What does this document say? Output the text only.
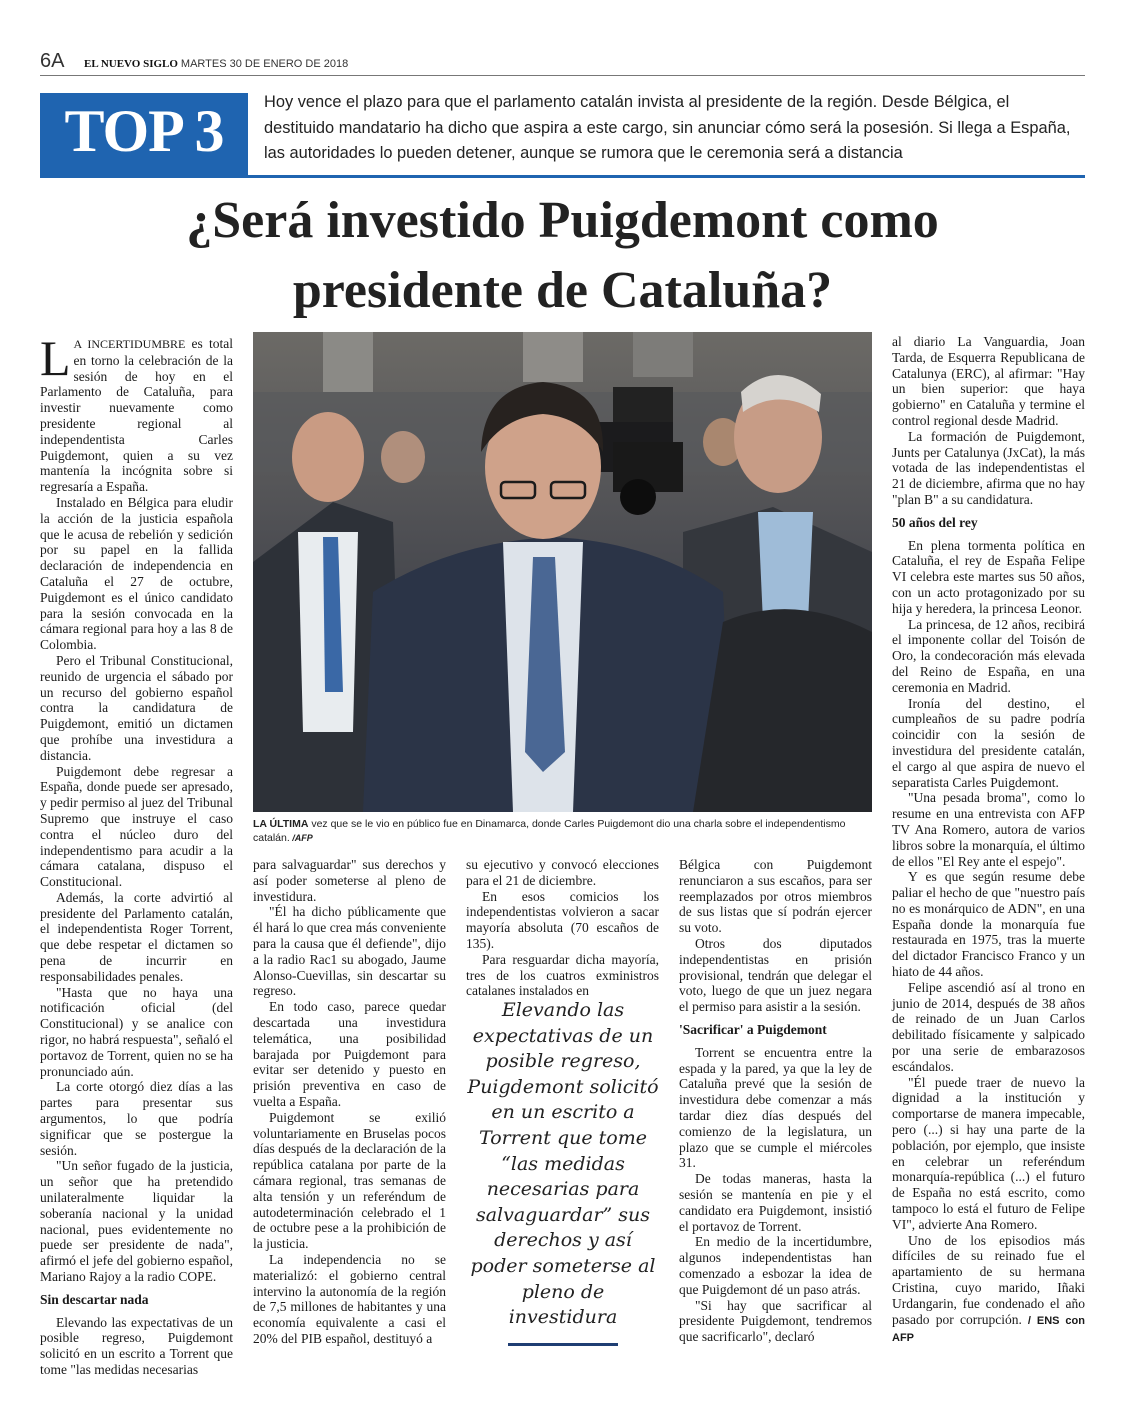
6A EL NUEVO SIGLO MARTES 30 DE ENERO DE 2018
TOP 3	Hoy vence el plazo para que el parlamento catalán invista al presidente de la región. Desde Bélgica, el destituido mandatario ha dicho que aspira a este cargo, sin anunciar cómo será la posesión. Si llega a España, las autoridades lo pueden detener, aunque se rumora que le ceremonia será a distancia
¿Será investido Puigdemont como
presidente de Cataluña?

LA INCERTIDUMBRE es total en torno la celebración de la sesión de hoy en el Parlamento de Cataluña, para investir nuevamente como presidente regional al independentista Carles Puigdemont, quien a su vez mantenía la incógnita sobre si regresaría a España.

Instalado en Bélgica para eludir la acción de la justicia española que le acusa de rebelión y sedición por su papel en la fallida declaración de independencia en Cataluña el 27 de octubre, Puigdemont es el único candidato para la sesión convocada en la cámara regional para hoy a las 8 de Colombia.

Pero el Tribunal Constitucional, reunido de urgencia el sábado por un recurso del gobierno español contra la candidatura de Puigdemont, emitió un dictamen que prohíbe una investidura a distancia.

Puigdemont debe regresar a España, donde puede ser apresado, y pedir permiso al juez del Tribunal Supremo que instruye el caso contra el núcleo duro del independentismo para acudir a la cámara catalana, dispuso el Constitucional.

Además, la corte advirtió al presidente del Parlamento catalán, el independentista Roger Torrent, que debe respetar el dictamen so pena de incurrir en responsabilidades penales.

"Hasta que no haya una notificación oficial (del Constitucional) y se analice con rigor, no habrá respuesta", señaló el portavoz de Torrent, quien no se ha pronunciado aún.

La corte otorgó diez días a las partes para presentar sus argumentos, lo que podría significar que se postergue la sesión.

"Un señor fugado de la justicia, un señor que ha pretendido unilateralmente liquidar la soberanía nacional y la unidad nacional, pues evidentemente no puede ser presidente de nada", afirmó el jefe del gobierno español, Mariano Rajoy a la radio COPE.

Sin descartar nada

Elevando las expectativas de un posible regreso, Puigdemont solicitó en un escrito a Torrent que tome "las medidas necesarias

LA ÚLTIMA vez que se le vio en público fue en Dinamarca, donde Carles Puigdemont dio una charla sobre el independentismo catalán. /AFP

para salvaguardar" sus derechos y así poder someterse al pleno de investidura.

"Él ha dicho públicamente que él hará lo que crea más conveniente para la causa que él defiende", dijo a la radio Rac1 su abogado, Jaume Alonso-Cuevillas, sin descartar su regreso.

En todo caso, parece quedar descartada una investidura telemática, una posibilidad barajada por Puigdemont para evitar ser detenido y puesto en prisión preventiva en caso de vuelta a España.

Puigdemont se exilió voluntariamente en Bruselas pocos días después de la declaración de la república catalana por parte de la cámara regional, tras semanas de alta tensión y un referéndum de autodeterminación celebrado el 1 de octubre pese a la prohibición de la justicia.

La independencia no se materializó: el gobierno central intervino la autonomía de la región de 7,5 millones de habitantes y una economía equivalente a casi el 20% del PIB español, destituyó a

su ejecutivo y convocó elecciones para el 21 de diciembre.

En esos comicios los independentistas volvieron a sacar mayoría absoluta (70 escaños de 135).

Para resguardar dicha mayoría, tres de los cuatros exministros catalanes instalados en

Elevando las expectativas de un posible regreso, Puigdemont solicitó en un escrito a Torrent que tome “las medidas necesarias para salvaguardar” sus derechos y así poder someterse al pleno de investidura

Bélgica con Puigdemont renunciaron a sus escaños, para ser reemplazados por otros miembros de sus listas que sí podrán ejercer su voto.

Otros dos diputados independentistas en prisión provisional, tendrán que delegar el voto, luego de que un juez negara el permiso para asistir a la sesión.

'Sacrificar' a Puigdemont

Torrent se encuentra entre la espada y la pared, ya que la ley de Cataluña prevé que la sesión de investidura debe comenzar a más tardar diez días después del comienzo de la legislatura, un plazo que se cumple el miércoles 31.

De todas maneras, hasta la sesión se mantenía en pie y el candidato era Puigdemont, insistió el portavoz de Torrent.

En medio de la incertidumbre, algunos independentistas han comenzado a esbozar la idea de que Puigdemont dé un paso atrás.

"Si hay que sacrificar al presidente Puigdemont, tendremos que sacrificarlo", declaró

al diario La Vanguardia, Joan Tarda, de Esquerra Republicana de Catalunya (ERC), al afirmar: "Hay un bien superior: que haya gobierno" en Cataluña y termine el control regional desde Madrid.

La formación de Puigdemont, Junts per Catalunya (JxCat), la más votada de las independentistas el 21 de diciembre, afirma que no hay "plan B" a su candidatura.

50 años del rey

En plena tormenta política en Cataluña, el rey de España Felipe VI celebra este martes sus 50 años, con un acto protagonizado por su hija y heredera, la princesa Leonor.

La princesa, de 12 años, recibirá el imponente collar del Toisón de Oro, la condecoración más elevada del Reino de España, en una ceremonia en Madrid.

Ironía del destino, el cumpleaños de su padre podría coincidir con la sesión de investidura del presidente catalán, el cargo al que aspira de nuevo el separatista Carles Puigdemont.

"Una pesada broma", como lo resume en una entrevista con AFP TV Ana Romero, autora de varios libros sobre la monarquía, el último de ellos "El Rey ante el espejo".

Y es que según resume debe paliar el hecho de que "nuestro país no es monárquico de ADN", en una España donde la monarquía fue restaurada en 1975, tras la muerte del dictador Francisco Franco y un hiato de 44 años.

Felipe ascendió así al trono en junio de 2014, después de 38 años de reinado de un Juan Carlos debilitado físicamente y salpicado por una serie de embarazosos escándalos.

"Él puede traer de nuevo la dignidad a la institución y comportarse de manera impecable, pero (...) si hay una parte de la población, por ejemplo, que insiste en celebrar un referéndum monarquía-república (...) el futuro de España no está escrito, como tampoco lo está el futuro de Felipe VI", advierte Ana Romero.

Uno de los episodios más difíciles de su reinado fue el apartamiento de su hermana Cristina, cuyo marido, Iñaki Urdangarin, fue condenado el año pasado por corrupción. / ENS con AFP
